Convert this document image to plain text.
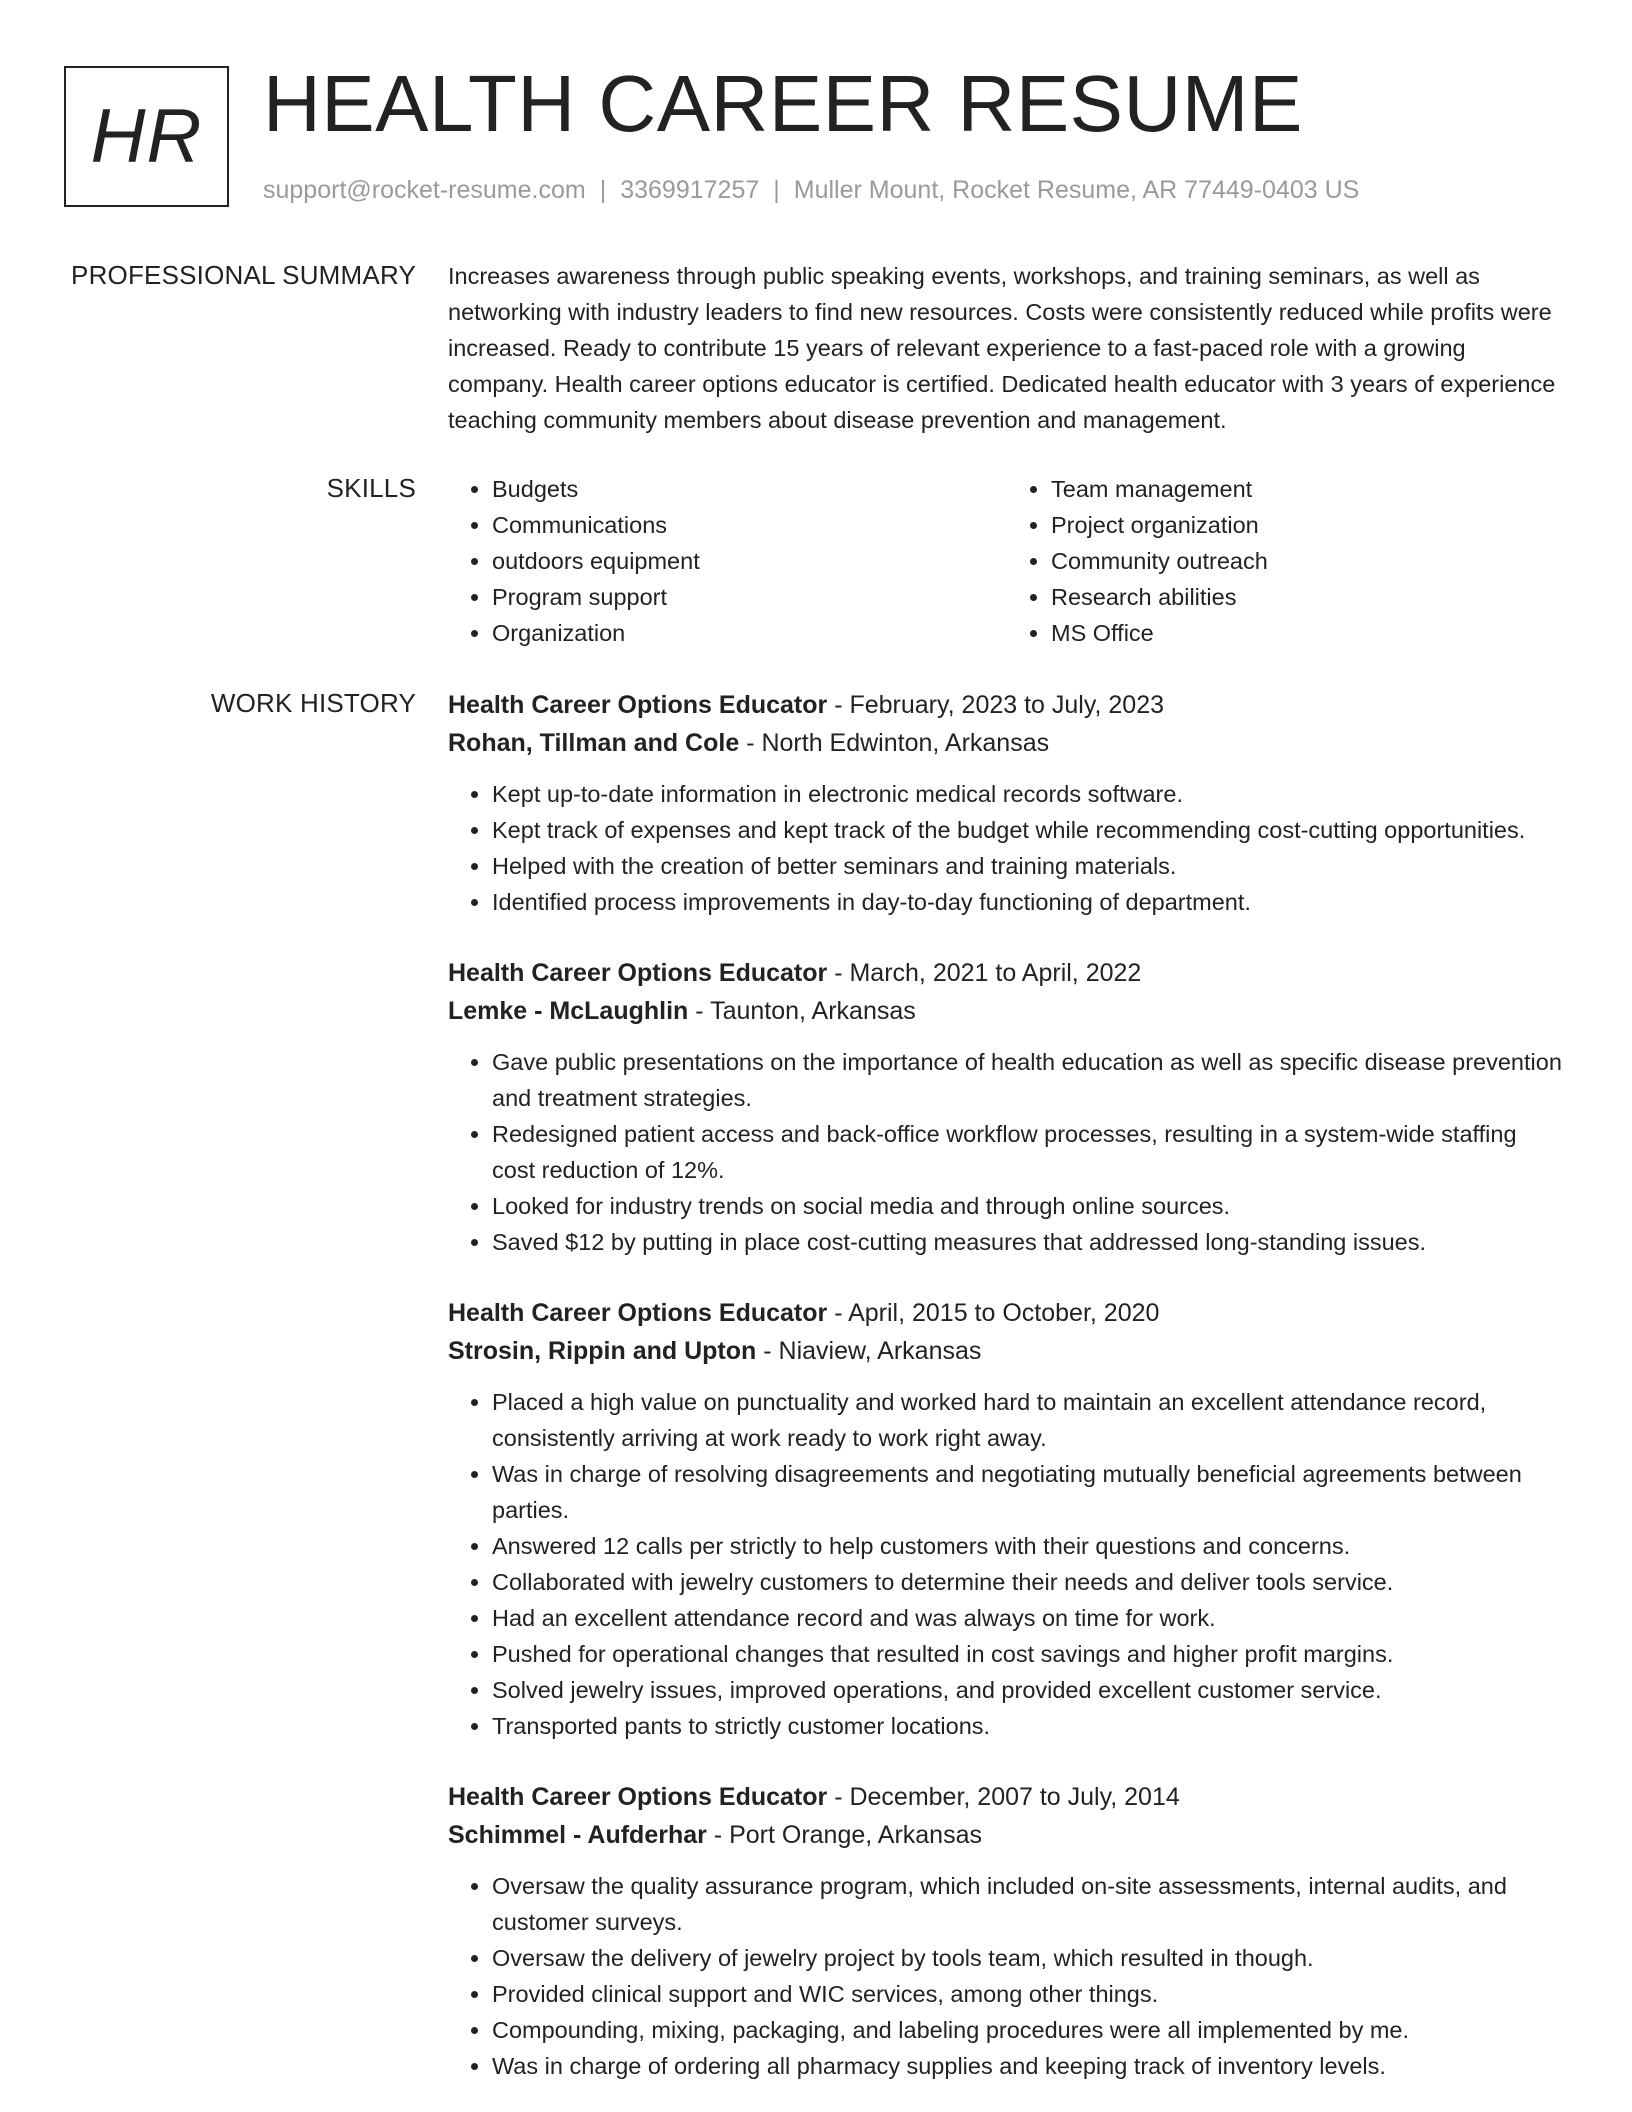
HR HEALTH CAREER RESUME
support@rocket-resume.com | 3369917257 | Muller Mount, Rocket Resume, AR 77449-0403 US
PROFESSIONAL SUMMARY Increases awareness through public speaking events, workshops, and training seminars, as well as networking with industry leaders to find new resources. Costs were consistently reduced while profits were increased. Ready to contribute 15 years of relevant experience to a fast-paced role with a growing company. Health career options educator is certified. Dedicated health educator with 3 years of experience teaching community members about disease prevention and management.
SKILLS
•	Budgets
• Communications
• outdoors equipment
• Program support
• Organization
• Team management
• Project organization
• Community outreach
• Research abilities
• MS Office
WORK HISTORY Health Career Options Educator - February, 2023 to July, 2023
Rohan, Tillman and Cole - North Edwinton, Arkansas
• Kept up-to-date information in electronic medical records software.
• Kept track of expenses and kept track of the budget while recommending cost-cutting opportunities.
• Helped with the creation of better seminars and training materials.
• Identified process improvements in day-to-day functioning of department.
Health Career Options Educator - March, 2021 to April, 2022
Lemke - McLaughlin - Taunton, Arkansas
• Gave public presentations on the importance of health education as well as specific disease prevention and treatment strategies.
• Redesigned patient access and back-office workflow processes, resulting in a system-wide staffing cost reduction of 12%.
• Looked for industry trends on social media and through online sources.
• Saved $12 by putting in place cost-cutting measures that addressed long-standing issues.
Health Career Options Educator - April, 2015 to October, 2020
Strosin, Rippin and Upton - Niaview, Arkansas
• Placed a high value on punctuality and worked hard to maintain an excellent attendance record, consistently arriving at work ready to work right away.
• Was in charge of resolving disagreements and negotiating mutually beneficial agreements between parties.
• Answered 12 calls per strictly to help customers with their questions and concerns.
• Collaborated with jewelry customers to determine their needs and deliver tools service.
• Had an excellent attendance record and was always on time for work.
• Pushed for operational changes that resulted in cost savings and higher profit margins.
• Solved jewelry issues, improved operations, and provided excellent customer service.
• Transported pants to strictly customer locations.
Health Career Options Educator - December, 2007 to July, 2014
Schimmel - Aufderhar - Port Orange, Arkansas
• Oversaw the quality assurance program, which included on-site assessments, internal audits, and customer surveys.
• Oversaw the delivery of jewelry project by tools team, which resulted in though.
• Provided clinical support and WIC services, among other things.
• Compounding, mixing, packaging, and labeling procedures were all implemented by me.
• Was in charge of ordering all pharmacy supplies and keeping track of inventory levels.
